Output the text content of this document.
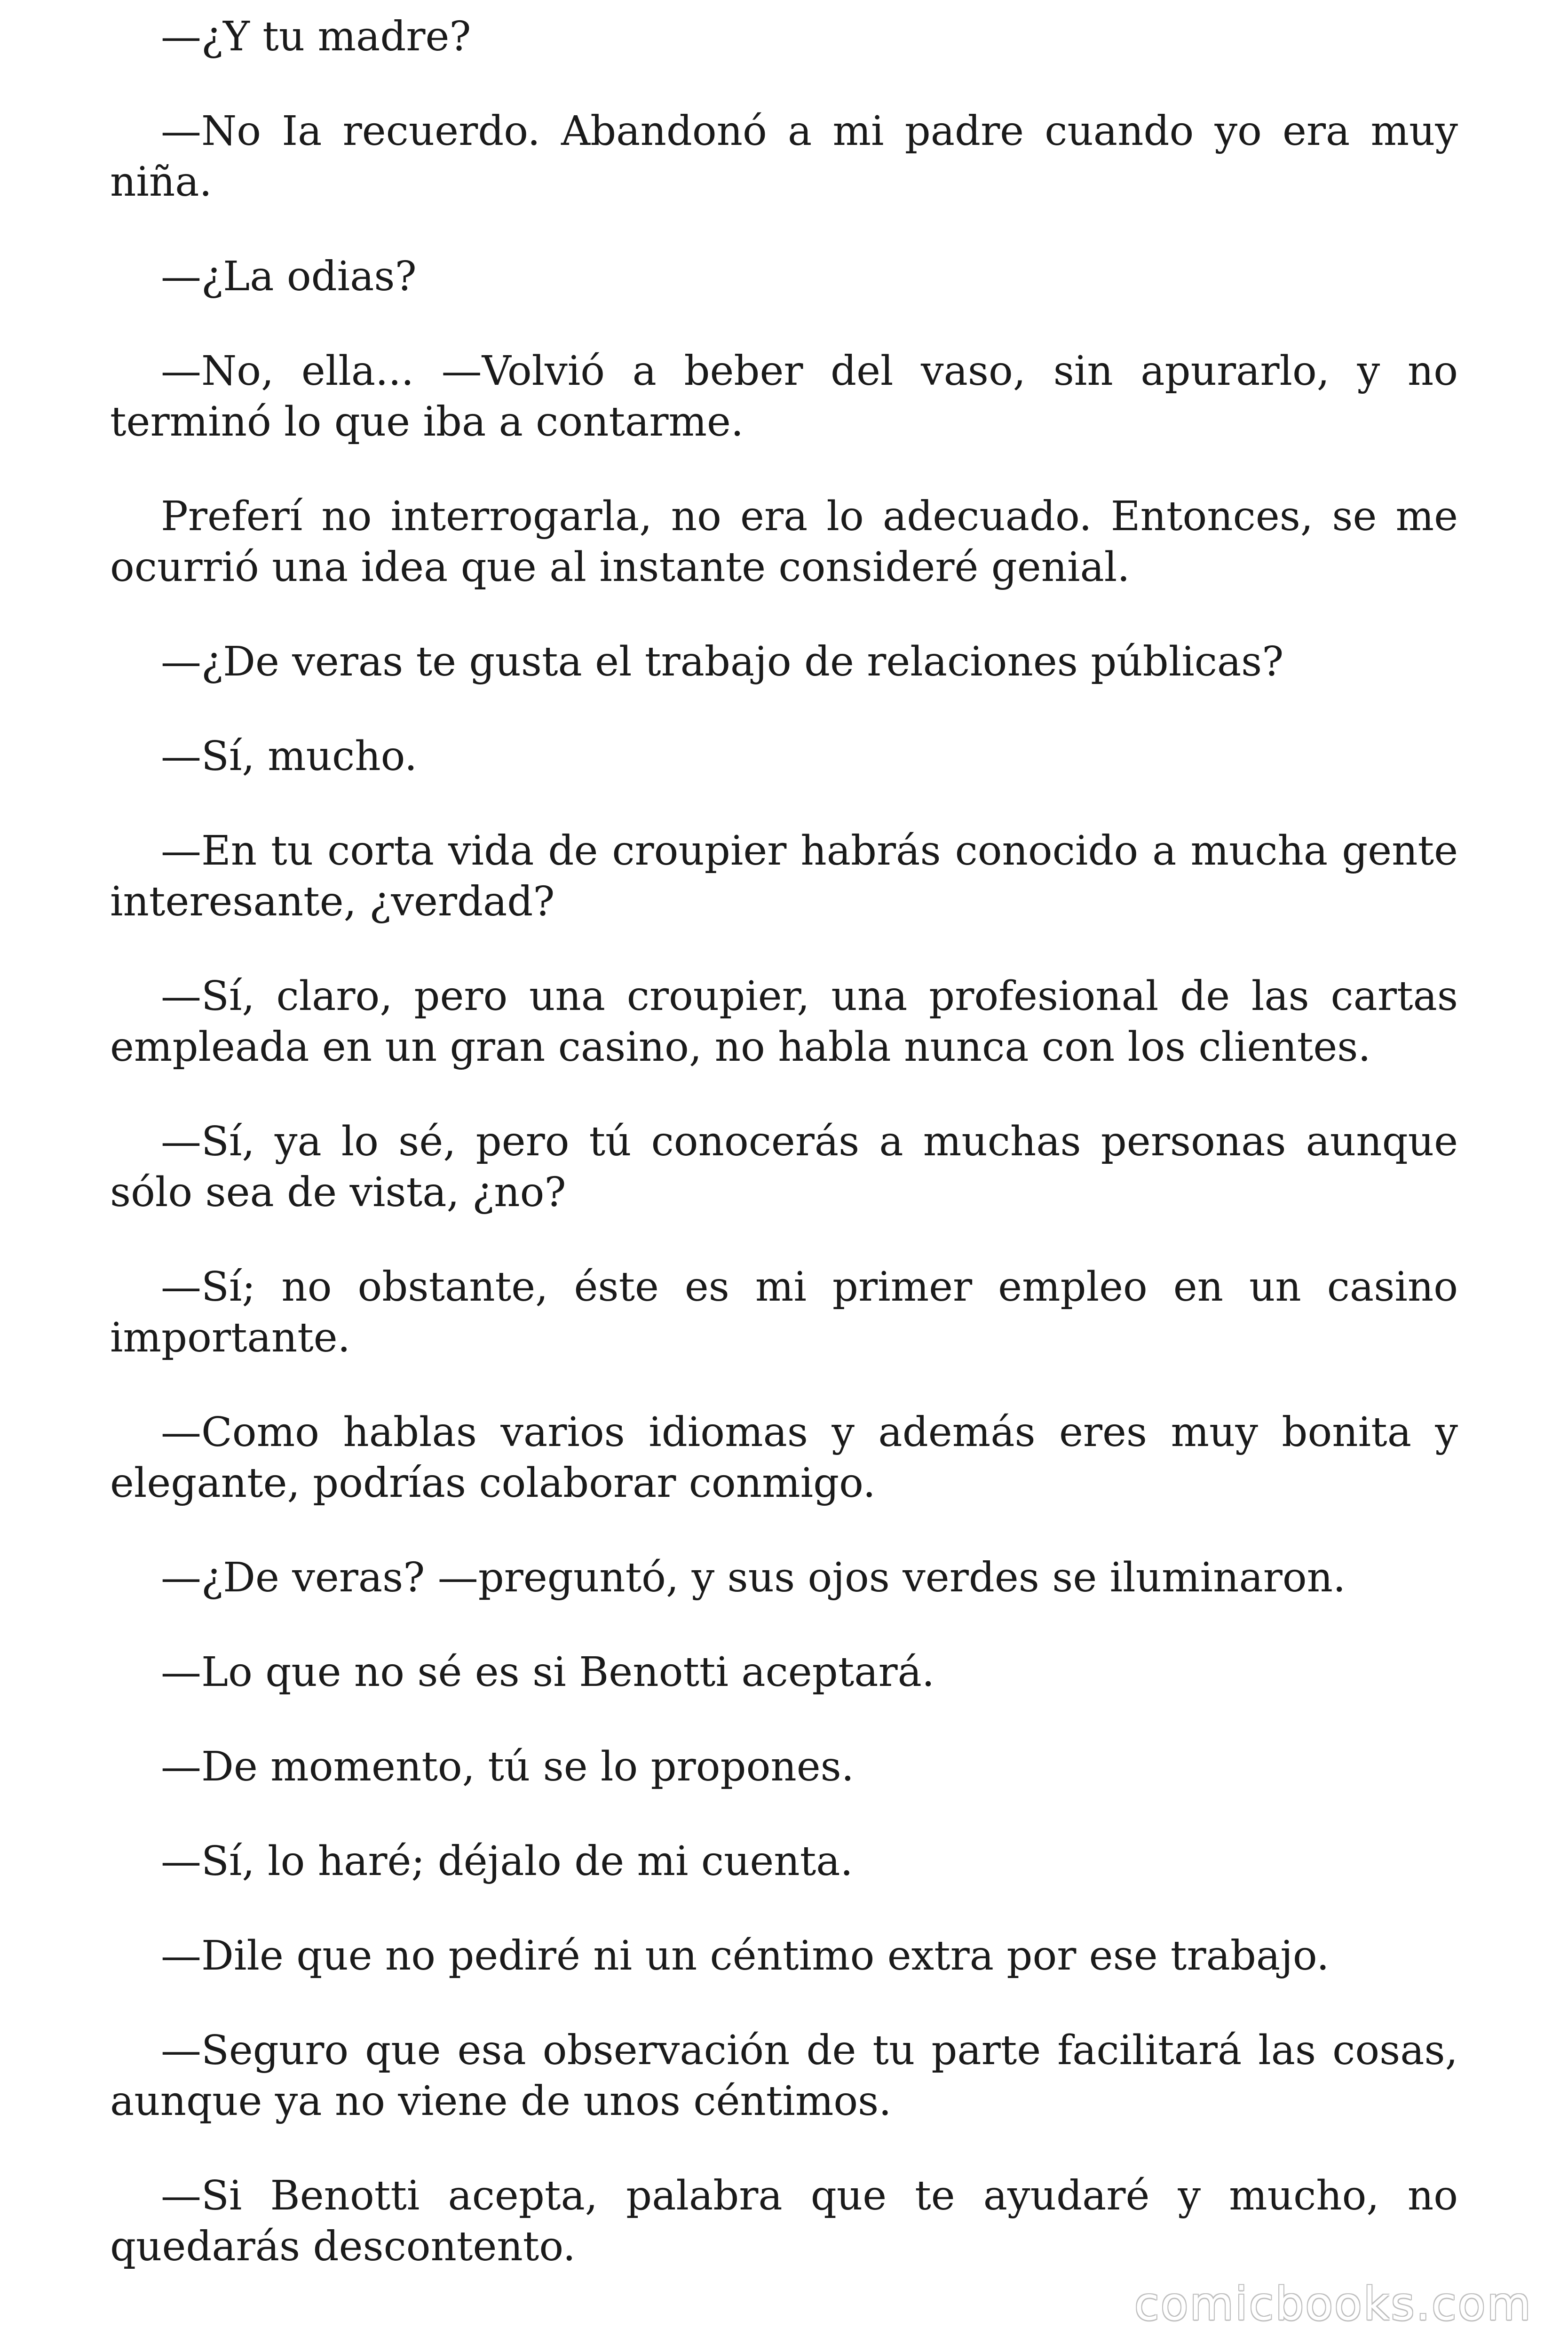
—¿Y tu madre?

—No Ia recuerdo. Abandonó a mi padre cuando yo era muy niña.

—¿La odias?

—No, ella... —Volvió a beber del vaso, sin apurarlo, y no terminó lo que iba a contarme.

Preferí no interrogarla, no era lo adecuado. Entonces, se me ocurrió una idea que al instante consideré genial.

—¿De veras te gusta el trabajo de relaciones públicas?

—Sí, mucho.

—En tu corta vida de croupier habrás conocido a mucha gente interesante, ¿verdad?

—Sí, claro, pero una croupier, una profesional de las cartas empleada en un gran casino, no habla nunca con los clientes.

—Sí, ya lo sé, pero tú conocerás a muchas personas aunque sólo sea de vista, ¿no?

—Sí; no obstante, éste es mi primer empleo en un casino importante.

—Como hablas varios idiomas y además eres muy bonita y elegante, podrías colaborar conmigo.

—¿De veras? —preguntó, y sus ojos verdes se iluminaron.

—Lo que no sé es si Benotti aceptará.

—De momento, tú se lo propones.

—Sí, lo haré; déjalo de mi cuenta.

—Dile que no pediré ni un céntimo extra por ese trabajo.

—Seguro que esa observación de tu parte facilitará las cosas, aunque ya no viene de unos céntimos.

—Si Benotti acepta, palabra que te ayudaré y mucho, no quedarás descontento.

comicbooks.com
